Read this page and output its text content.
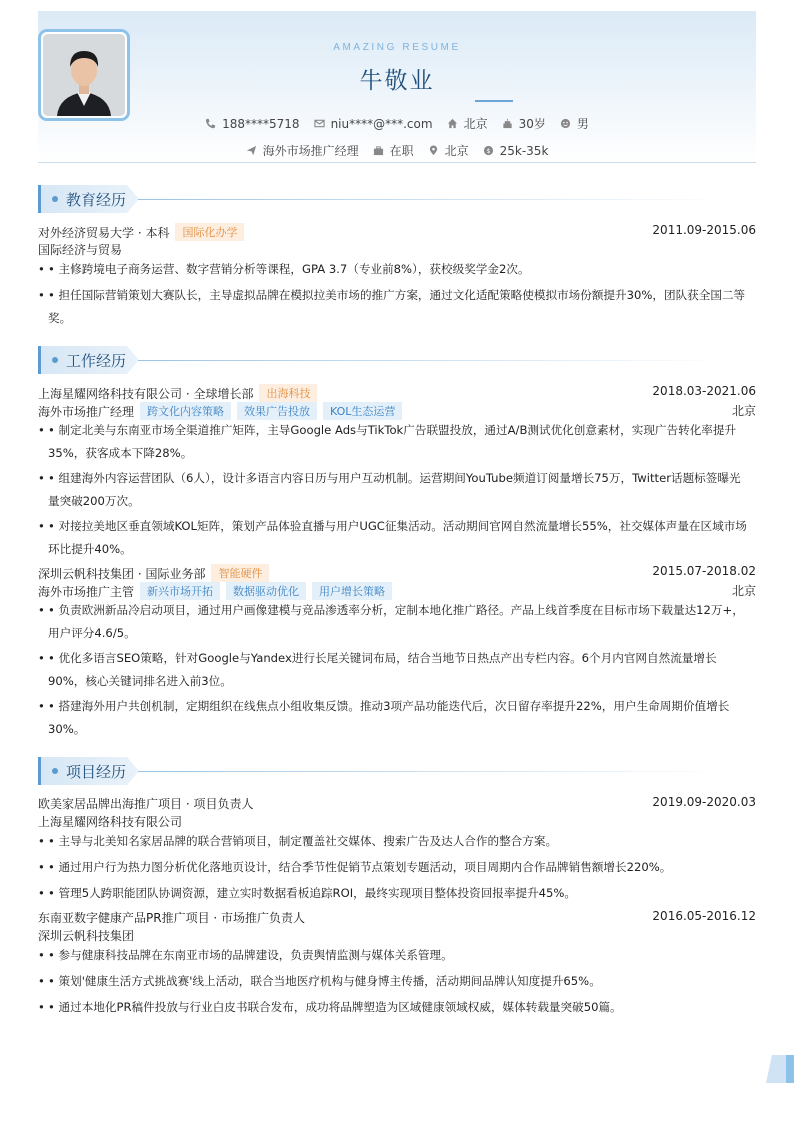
AMAZING RESUME
牛敬业
188****5718	niu****@***.com	北京	30岁	男
海外市场推广经理	在职	北京 $ 25k-35k
教育经历
对外经济贸易大学 · 本科	国际化办学	2011.09-2015.06
国际经济与贸易
• • 主修跨境电子商务运营、数字营销分析等课程，GPA 3.7（专业前8%），获校级奖学金2次。
• • 担任国际营销策划大赛队长，主导虚拟品牌在模拟拉美市场的推广方案，通过文化适配策略使模拟市场份额提升30%，团队获全国二等奖。
工作经历
上海星耀网络科技有限公司 · 全球增长部	出海科技	2018.03-2021.06
海外市场推广经理	跨文化内容策略	效果广告投放	KOL生态运营	北京
• • 制定北美与东南亚市场全渠道推广矩阵，主导Google Ads与TikTok广告联盟投放，通过A/B测试优化创意素材，实现广告转化率提升35%，获客成本下降28%。
• • 组建海外内容运营团队（6人），设计多语言内容日历与用户互动机制。运营期间YouTube频道订阅量增长75万，Twitter话题标签曝光量突破200万次。
• • 对接拉美地区垂直领域KOL矩阵，策划产品体验直播与用户UGC征集活动。活动期间官网自然流量增长55%，社交媒体声量在区域市场环比提升40%。
深圳云帆科技集团 · 国际业务部	智能硬件	2015.07-2018.02
海外市场推广主管	新兴市场开拓	数据驱动优化	用户增长策略	北京
• • 负责欧洲新品冷启动项目，通过用户画像建模与竞品渗透率分析，定制本地化推广路径。产品上线首季度在目标市场下载量达12万+，用户评分4.6/5。
• • 优化多语言SEO策略，针对Google与Yandex进行长尾关键词布局，结合当地节日热点产出专栏内容。6个月内官网自然流量增长90%，核心关键词排名进入前3位。
• • 搭建海外用户共创机制，定期组织在线焦点小组收集反馈。推动3项产品功能迭代后，次日留存率提升22%，用户生命周期价值增长30%。
项目经历
欧美家居品牌出海推广项目 · 项目负责人	2019.09-2020.03
上海星耀网络科技有限公司
• • 主导与北美知名家居品牌的联合营销项目，制定覆盖社交媒体、搜索广告及达人合作的整合方案。
• • 通过用户行为热力图分析优化落地页设计，结合季节性促销节点策划专题活动，项目周期内合作品牌销售额增长220%。
• • 管理5人跨职能团队协调资源，建立实时数据看板追踪ROI，最终实现项目整体投资回报率提升45%。
东南亚数字健康产品PR推广项目 · 市场推广负责人	2016.05-2016.12
深圳云帆科技集团
• • 参与健康科技品牌在东南亚市场的品牌建设，负责舆情监测与媒体关系管理。
• • 策划'健康生活方式挑战赛'线上活动，联合当地医疗机构与健身博主传播，活动期间品牌认知度提升65%。
• • 通过本地化PR稿件投放与行业白皮书联合发布，成功将品牌塑造为区域健康领域权威，媒体转载量突破50篇。
